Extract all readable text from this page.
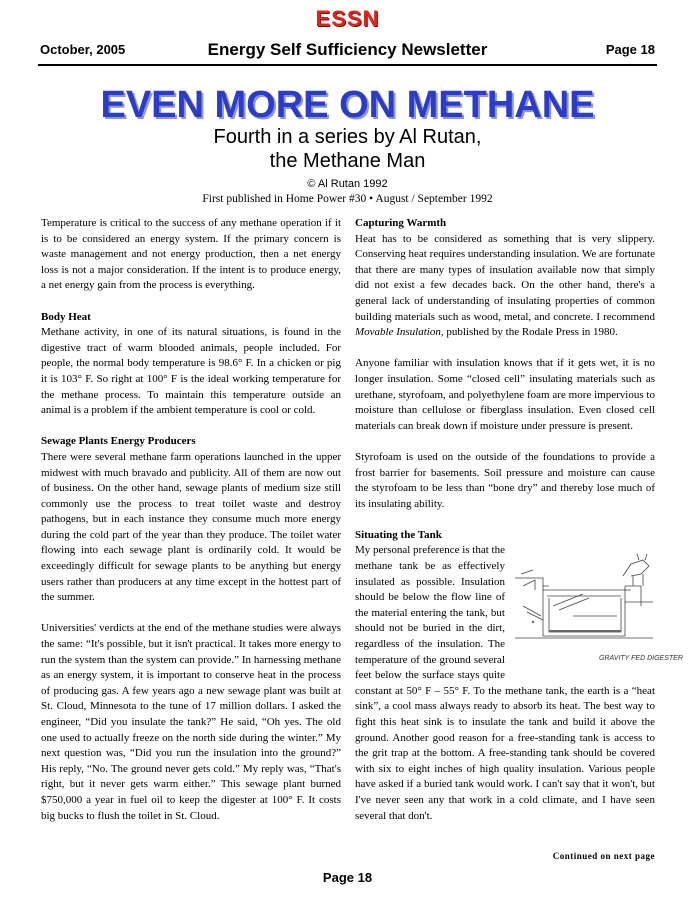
ESSN
October, 2005	Energy Self Sufficiency Newsletter	Page 18
EVEN MORE ON METHANE
Fourth in a series by Al Rutan,
the Methane Man
© Al Rutan 1992
First published in Home Power #30 • August / September 1992

Temperature is critical to the success of any methane operation if it is to be considered an energy system. If the primary concern is waste management and not energy production, then a net energy loss is not a major consideration. If the intent is to produce energy, a net energy gain from the process is everything.

Body Heat

Methane activity, in one of its natural situations, is found in the digestive tract of warm blooded animals, people included. For people, the normal body temperature is 98.6° F. In a chicken or pig it is 103° F. So right at 100° F is the ideal working temperature for the methane process. To maintain this temperature outside an animal is a problem if the ambient temperature is cool or cold.

Sewage Plants Energy Producers

There were several methane farm operations launched in the upper midwest with much bravado and publicity. All of them are now out of business. On the other hand, sewage plants of medium size still commonly use the process to treat toilet waste and destroy pathogens, but in each instance they consume much more energy during the cold part of the year than they produce. The toilet water flowing into each sewage plant is ordinarily cold. It would be exceedingly difficult for sewage plants to be anything but energy users rather than producers at any time except in the hottest part of the summer.

Universities' verdicts at the end of the methane studies were always the same: “It's possible, but it isn't practical. It takes more energy to run the system than the system can provide.” In harnessing methane as an energy system, it is important to conserve heat in the process of producing gas. A few years ago a new sewage plant was built at St. Cloud, Minnesota to the tune of 17 million dollars. I asked the engineer, “Did you insulate the tank?” He said, “Oh yes. The old one used to actually freeze on the north side during the winter.” My next question was, “Did you run the insulation into the ground?” His reply, “No. The ground never gets cold.” My reply was, “That's right, but it never gets warm either.” This sewage plant burned $750,000 a year in fuel oil to keep the digester at 100° F. It costs big bucks to flush the toilet in St. Cloud.

Capturing Warmth

Heat has to be considered as something that is very slippery. Conserving heat requires understanding insulation. We are fortunate that there are many types of insulation available now that simply did not exist a few decades back. On the other hand, there's a general lack of understanding of insulating properties of common building materials such as wood, metal, and concrete. I recommend Movable Insulation, published by the Rodale Press in 1980.

Anyone familiar with insulation knows that if it gets wet, it is no longer insulation. Some “closed cell” insulating materials such as urethane, styrofoam, and polyethylene foam are more impervious to moisture than cellulose or fiberglass insulation. Even closed cell materials can break down if moisture under pressure is present.

Styrofoam is used on the outside of the foundations to provide a frost barrier for basements. Soil pressure and moisture can cause the styrofoam to be less than “bone dry” and thereby lose much of its insulating ability.

Situating the Tank
GRAVITY FED DIGESTER

My personal preference is that the methane tank be as effectively insulated as possible. Insulation should be below the flow line of the material entering the tank, but should not be buried in the dirt, regardless of the insulation. The temperature of the ground several feet below the surface stays quite constant at 50° F – 55° F. To the methane tank, the earth is a “heat sink”, a cool mass always ready to absorb its heat. The best way to fight this heat sink is to insulate the tank and build it above the ground. Another good reason for a free-standing tank is access to the grit trap at the bottom. A free-standing tank should be covered with six to eight inches of high quality insulation. Various people have asked if a buried tank would work. I can't say that it won't, but I've never seen any that work in a cold climate, and I have seen several that don't.

Continued on next page
Page 18
